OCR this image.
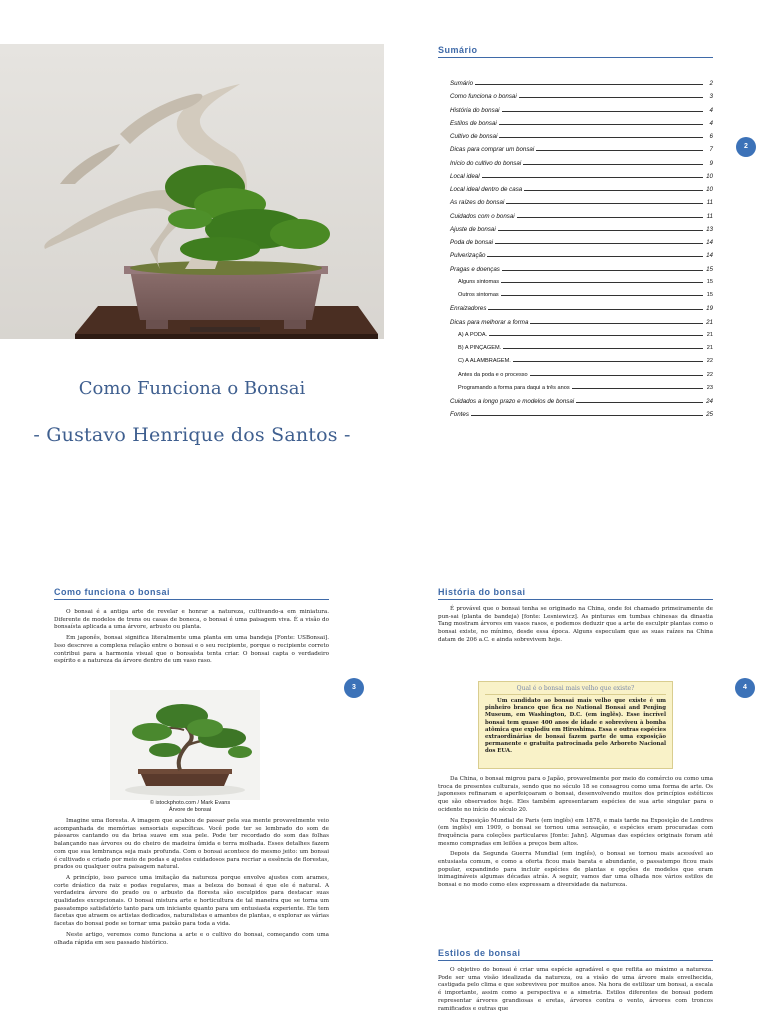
Como Funciona o Bonsai
- Gustavo Henrique dos Santos -
Sumário
Sumário	2
Como funciona o bonsai	3
História do bonsai	4
Estilos de bonsai	4
Cultivo de bonsai	6
Dicas para comprar um bonsai	7
Início do cultivo do bonsai	9
Local ideal	10
Local ideal dentro de casa	10
As raízes do bonsai	11
Cuidados com o bonsai	11
Ajuste de bonsai	13
Poda de bonsai	14
Pulverização	14
Pragas e doenças	15
Alguns sintomas	15
Outros sintomas	15
Enraizadores	19
Dicas para melhorar a forma	21
A) A PODA.	21
B) A PINÇAGEM.	21
C) A ALAMBRAGEM.	22
Antes da poda e o processo	22
Programando a forma para daqui a três anos	23
Cuidados a longo prazo e modelos de bonsai	24
Fontes	25
2
Como funciona o bonsai

O bonsai é a antiga arte de revelar e honrar a natureza, cultivando-a em miniatura. Diferente de modelos de trens ou casas de boneca, o bonsai é uma paisagem viva. É a visão do bonsaísta aplicada a uma árvore, arbusto ou planta.

Em japonês, bonsai significa literalmente uma planta em uma bandeja [Fonte: USBonsai]. Isso descreve a complexa relação entre o bonsai e o seu recipiente, porque o recipiente correto contribui para a harmonia visual que o bonsaísta tenta criar. O bonsai capta o verdadeiro espírito e a natureza da árvore dentro de um vaso raso.

3

Imagine uma floresta. A imagem que acabou de passar pela sua mente provavelmente veio acompanhada de memórias sensoriais específicas. Você pode ter se lembrado do som de pássaros cantando ou da brisa suave em sua pele. Pode ter recordado do som das folhas balançando nas árvores ou do cheiro de madeira úmida e terra molhada. Esses detalhes fazem com que sua lembrança seja mais profunda. Com o bonsai acontece do mesmo jeito: um bonsai é cultivado e criado por meio de podas e ajustes cuidadosos para recriar a essência de florestas, prados ou qualquer outra paisagem natural.

A princípio, isso parece uma imitação da natureza porque envolve ajustes com arames, corte drástico da raiz e podas regulares, mas a beleza do bonsai é que ele é natural. A verdadeira árvore do prado ou o arbusto da floresta são esculpidos para destacar suas qualidades excepcionais. O bonsai mistura arte e horticultura de tal maneira que se torna um passatempo satisfatório tanto para um iniciante quanto para um entusiasta experiente. Ele tem facetas que atraem os artistas dedicados, naturalistas e amantes de plantas, e explorar as várias facetas do bonsai pode se tornar uma paixão para toda a vida.

Neste artigo, veremos como funciona a arte e o cultivo do bonsai, começando com uma olhada rápida em seu passado histórico.

© istockphoto.com / Mark Evans
Árvore de bonsai
História do bonsai

É provável que o bonsai tenha se originado na China, onde foi chamado primeiramente de pun-sai (planta de bandeja) [fonte: Lesniewicz]. As pinturas em tumbas chinesas da dinastia Tang mostram árvores em vasos rasos, e podemos deduzir que a arte de esculpir plantas como o bonsai existe, no mínimo, desde essa época. Alguns especulam que as suas raízes na China datam de 206 a.C. e ainda sobrevivem hoje.

4

Da China, o bonsai migrou para o Japão, provavelmente por meio do comércio ou como uma troca de presentes culturais, sendo que no século 18 se consagrou como uma forma de arte. Os japoneses refinaram e aperfeiçoaram o bonsai, desenvolvendo muitos dos princípios estéticos que são observados hoje. Eles também apresentaram espécies de sua arte singular para o ocidente no início do século 20.

Na Exposição Mundial de Paris (em inglês) em 1878, e mais tarde na Exposição de Londres (em inglês) em 1909, o bonsai se tornou uma sensação, e espécies eram procuradas com frequência para coleções particulares [fonte: Jahn]. Algumas das espécies originais foram até mesmo compradas em leilões a preços bem altos.

Depois da Segunda Guerra Mundial (em inglês), o bonsai se tornou mais acessível ao entusiasta comum, e como a oferta ficou mais barata e abundante, o passatempo ficou mais popular, expandindo para incluir espécies de plantas e opções de modelos que eram inimagináveis algumas décadas atrás. A seguir, vamos dar uma olhada nos vários estilos de bonsai e no modo como eles expressam a diversidade da natureza.

Estilos de bonsai

O objetivo do bonsai é criar uma espécie agradável e que reflita ao máximo a natureza. Pode ser uma visão idealizada da natureza, ou a visão de uma árvore mais envelhecida, castigada pelo clima e que sobreviveu por muitos anos. Na hora de estilizar um bonsai, a escala é importante, assim como a perspectiva e a simetria. Estilos diferentes de bonsai podem representar árvores grandiosas e eretas, árvores contra o vento, árvores com troncos ramificados e outras que

Qual é o bonsai mais velho que existe?
Um candidato ao bonsai mais velho que existe é um pinheiro branco que fica no National Bonsai and Penjing Museum, em Washington, D.C. (em inglês). Esse incrível bonsai tem quase 400 anos de idade e sobreviveu à bomba atômica que explodiu em Hiroshima. Essa e outras espécies extraordinárias de bonsai fazem parte de uma exposição permanente e gratuita patrocinada pelo Arboreto Nacional dos EUA.
